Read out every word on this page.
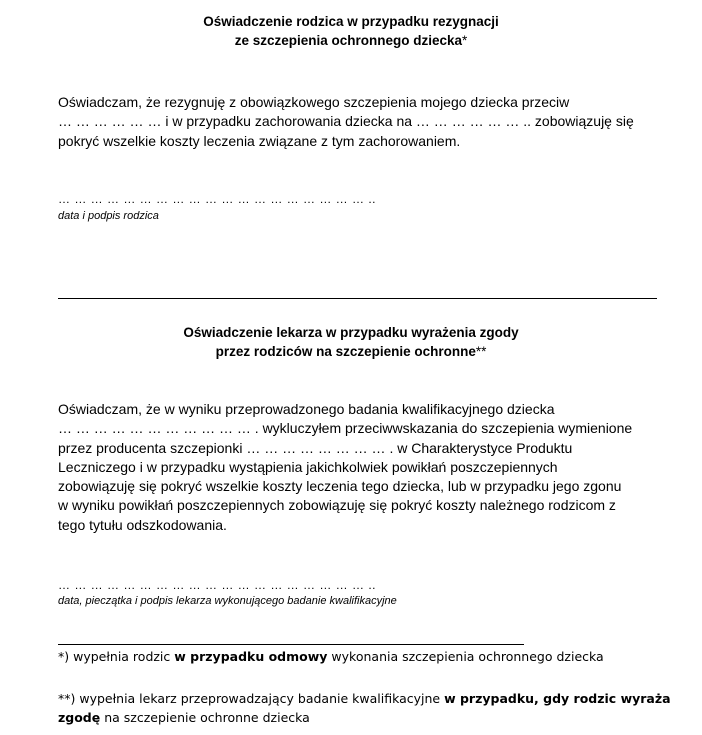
Oświadczenie rodzica w przypadku rezygnacji
ze szczepienia ochronnego dziecka*

Oświadczam, że rezygnuję z obowiązkowego szczepienia mojego dziecka przeciw

… … … … … … i w przypadku zachorowania dziecka na … … … … … … .. zobowiązuję się

pokryć wszelkie koszty leczenia związane z tym zachorowaniem.

… … … … … … … … … … … … … … … … … … … ..
data i podpis rodzica
Oświadczenie lekarza w przypadku wyrażenia zgody
przez rodziców na szczepienie ochronne**

Oświadczam, że w wyniku przeprowadzonego badania kwalifikacyjnego dziecka

… … … … … … … … … … … . wykluczyłem przeciwwskazania do szczepienia wymienione

przez producenta szczepionki … … … … … … … … . w Charakterystyce Produktu

Leczniczego i w przypadku wystąpienia jakichkolwiek powikłań poszczepiennych

zobowiązuję się pokryć wszelkie koszty leczenia tego dziecka, lub w przypadku jego zgonu

w wyniku powikłań poszczepiennych zobowiązuję się pokryć koszty należnego rodzicom z

tego tytułu odszkodowania.

… … … … … … … … … … … … … … … … … … … ..
data, pieczątka i podpis lekarza wykonującego badanie kwalifikacyjne
*) wypełnia rodzic w przypadku odmowy wykonania szczepienia ochronnego dziecka
**) wypełnia lekarz przeprowadzający badanie kwalifikacyjne w przypadku, gdy rodzic wyraża
zgodę na szczepienie ochronne dziecka
